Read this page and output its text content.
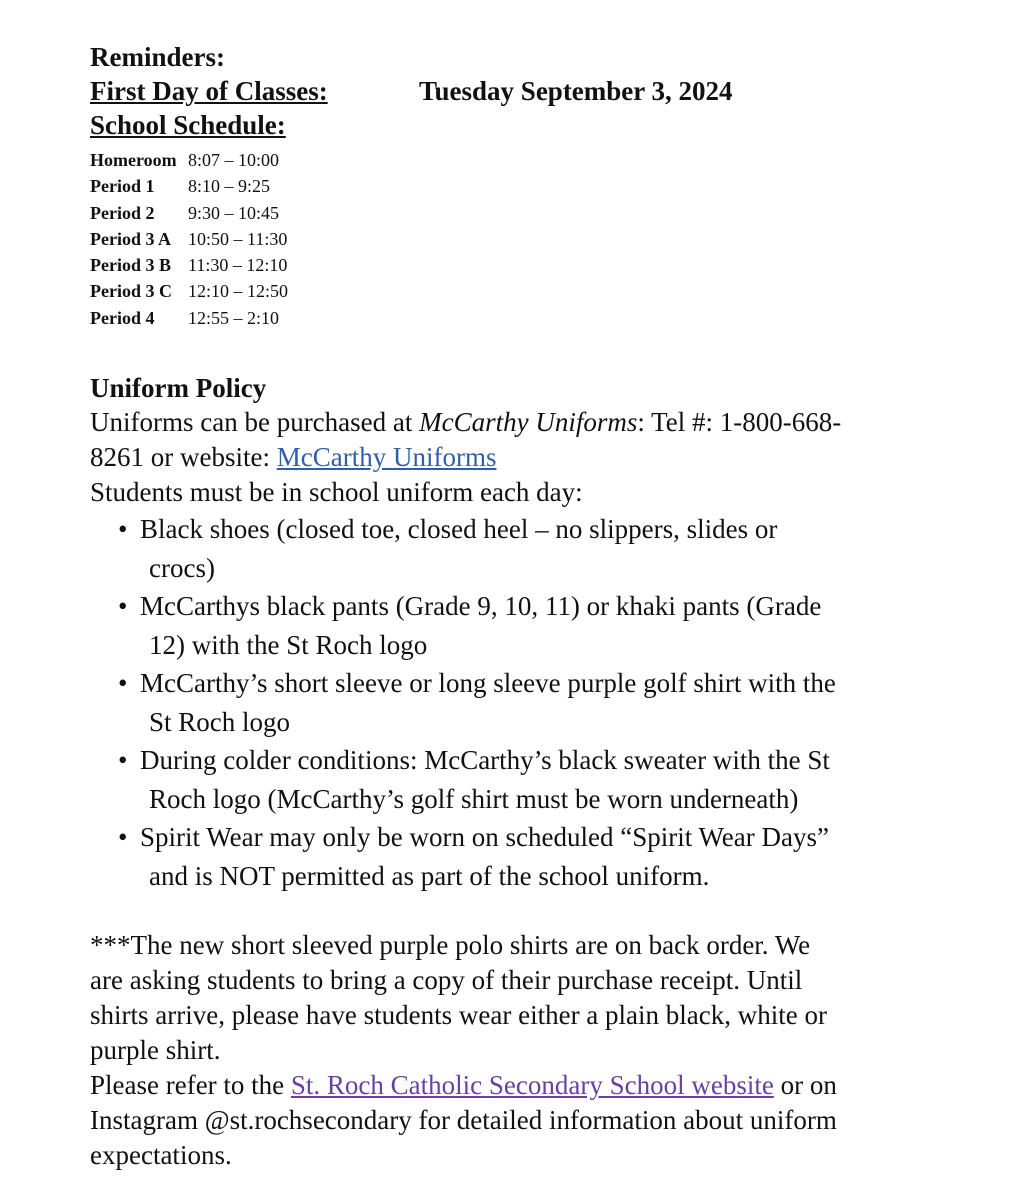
Reminders:
First Day of Classes:	Tuesday September 3, 2024
School Schedule:
Homeroom 8:07 – 10:00
Period 1	8:10 – 9:25
Period 2	9:30 – 10:45
Period 3 A 10:50 – 11:30
Period 3 B 11:30 – 12:10
Period 3 C 12:10 – 12:50
Period 4	12:55 – 2:10
Uniform Policy
Uniforms can be purchased at McCarthy Uniforms: Tel #: 1-800-668-
8261 or website: McCarthy Uniforms
Students must be in school uniform each day:
• Black shoes (closed toe, closed heel – no slippers, slides or
crocs)
• McCarthys black pants (Grade 9, 10, 11) or khaki pants (Grade
12) with the St Roch logo
• McCarthy’s short sleeve or long sleeve purple golf shirt with the
St Roch logo
• During colder conditions: McCarthy’s black sweater with the St
Roch logo (McCarthy’s golf shirt must be worn underneath)
• Spirit Wear may only be worn on scheduled “Spirit Wear Days”
and is NOT permitted as part of the school uniform.
***The new short sleeved purple polo shirts are on back order. We
are asking students to bring a copy of their purchase receipt. Until
shirts arrive, please have students wear either a plain black, white or
purple shirt.
Please refer to the St. Roch Catholic Secondary School website or on
Instagram @st.rochsecondary for detailed information about uniform
expectations.
